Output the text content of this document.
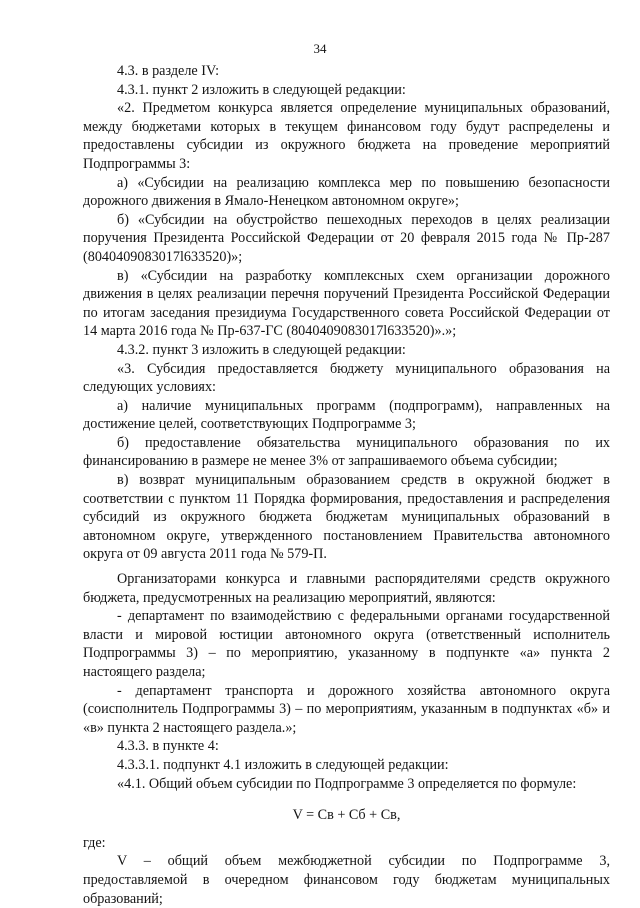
34

4.3. в разделе IV:

4.3.1. пункт 2 изложить в следующей редакции:

«2. Предметом конкурса является определение муниципальных образований, между бюджетами которых в текущем финансовом году будут распределены и предоставлены субсидии из окружного бюджета на проведение мероприятий Подпрограммы 3:

а) «Субсидии на реализацию комплекса мер по повышению безопасности дорожного движения в Ямало-Ненецком автономном округе»;

б) «Субсидии на обустройство пешеходных переходов в целях реализации поручения Президента Российской Федерации от 20 февраля 2015 года № Пр-287 (8040409083017l633520)»;

в) «Субсидии на разработку комплексных схем организации дорожного движения в целях реализации перечня поручений Президента Российской Федерации по итогам заседания президиума Государственного совета Российской Федерации от 14 марта 2016 года № Пр-637-ГС (8040409083017l633520)».»;

4.3.2. пункт 3 изложить в следующей редакции:

«3. Субсидия предоставляется бюджету муниципального образования на следующих условиях:

а) наличие муниципальных программ (подпрограмм), направленных на достижение целей, соответствующих Подпрограмме 3;

б) предоставление обязательства муниципального образования по их финансированию в размере не менее 3% от запрашиваемого объема субсидии;

в) возврат муниципальным образованием средств в окружной бюджет в соответствии с пунктом 11 Порядка формирования, предоставления и распределения субсидий из окружного бюджета бюджетам муниципальных образований в автономном округе, утвержденного постановлением Правительства автономного округа от 09 августа 2011 года № 579-П.

Организаторами конкурса и главными распорядителями средств окружного бюджета, предусмотренных на реализацию мероприятий, являются:

- департамент по взаимодействию с федеральными органами государственной власти и мировой юстиции автономного округа (ответственный исполнитель Подпрограммы 3) – по мероприятию, указанному в подпункте «а» пункта 2 настоящего раздела;

- департамент транспорта и дорожного хозяйства автономного округа (соисполнитель Подпрограммы 3) – по мероприятиям, указанным в подпунктах «б» и «в» пункта 2 настоящего раздела.»;

4.3.3. в пункте 4:

4.3.3.1. подпункт 4.1 изложить в следующей редакции:

«4.1. Общий объем субсидии по Подпрограмме 3 определяется по формуле:

V = Cв + Cб + Cв,

где:

V – общий объем межбюджетной субсидии по Подпрограмме 3, предоставляемой в очередном финансовом году бюджетам муниципальных образований;
